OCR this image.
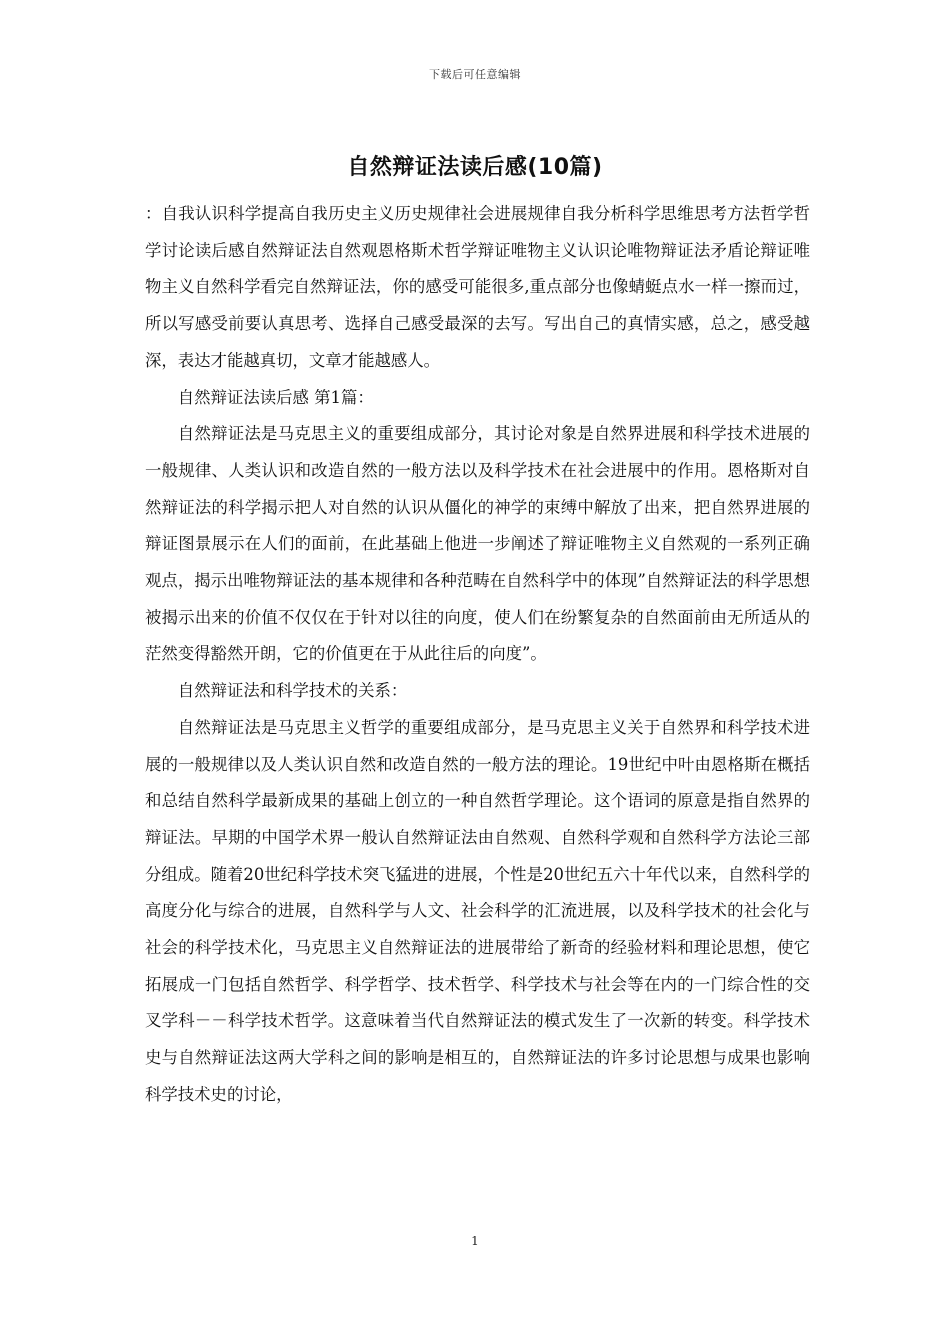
下载后可任意编辑
自然辩证法读后感(10篇)

：自我认识科学提高自我历史主义历史规律社会进展规律自我分析科学思维思考方法哲学哲学讨论读后感自然辩证法自然观恩格斯术哲学辩证唯物主义认识论唯物辩证法矛盾论辩证唯物主义自然科学看完自然辩证法，你的感受可能很多,重点部分也像蜻蜓点水一样一擦而过，所以写感受前要认真思考、选择自己感受最深的去写。写出自己的真情实感，总之，感受越深，表达才能越真切，文章才能越感人。

自然辩证法读后感 第1篇：

自然辩证法是马克思主义的重要组成部分，其讨论对象是自然界进展和科学技术进展的一般规律、人类认识和改造自然的一般方法以及科学技术在社会进展中的作用。恩格斯对自然辩证法的科学揭示把人对自然的认识从僵化的神学的束缚中解放了出来，把自然界进展的辩证图景展示在人们的面前，在此基础上他进一步阐述了辩证唯物主义自然观的一系列正确观点，揭示出唯物辩证法的基本规律和各种范畴在自然科学中的体现”自然辩证法的科学思想被揭示出来的价值不仅仅在于针对以往的向度，使人们在纷繁复杂的自然面前由无所适从的茫然变得豁然开朗，它的价值更在于从此往后的向度”。

自然辩证法和科学技术的关系：

自然辩证法是马克思主义哲学的重要组成部分，是马克思主义关于自然界和科学技术进展的一般规律以及人类认识自然和改造自然的一般方法的理论。19世纪中叶由恩格斯在概括和总结自然科学最新成果的基础上创立的一种自然哲学理论。这个语词的原意是指自然界的辩证法。早期的中国学术界一般认自然辩证法由自然观、自然科学观和自然科学方法论三部分组成。随着20世纪科学技术突飞猛进的进展，个性是20世纪五六十年代以来，自然科学的高度分化与综合的进展，自然科学与人文、社会科学的汇流进展，以及科学技术的社会化与社会的科学技术化，马克思主义自然辩证法的进展带给了新奇的经验材料和理论思想，使它拓展成一门包括自然哲学、科学哲学、技术哲学、科学技术与社会等在内的一门综合性的交叉学科－－科学技术哲学。这意味着当代自然辩证法的模式发生了一次新的转变。科学技术史与自然辩证法这两大学科之间的影响是相互的，自然辩证法的许多讨论思想与成果也影响科学技术史的讨论，

1
